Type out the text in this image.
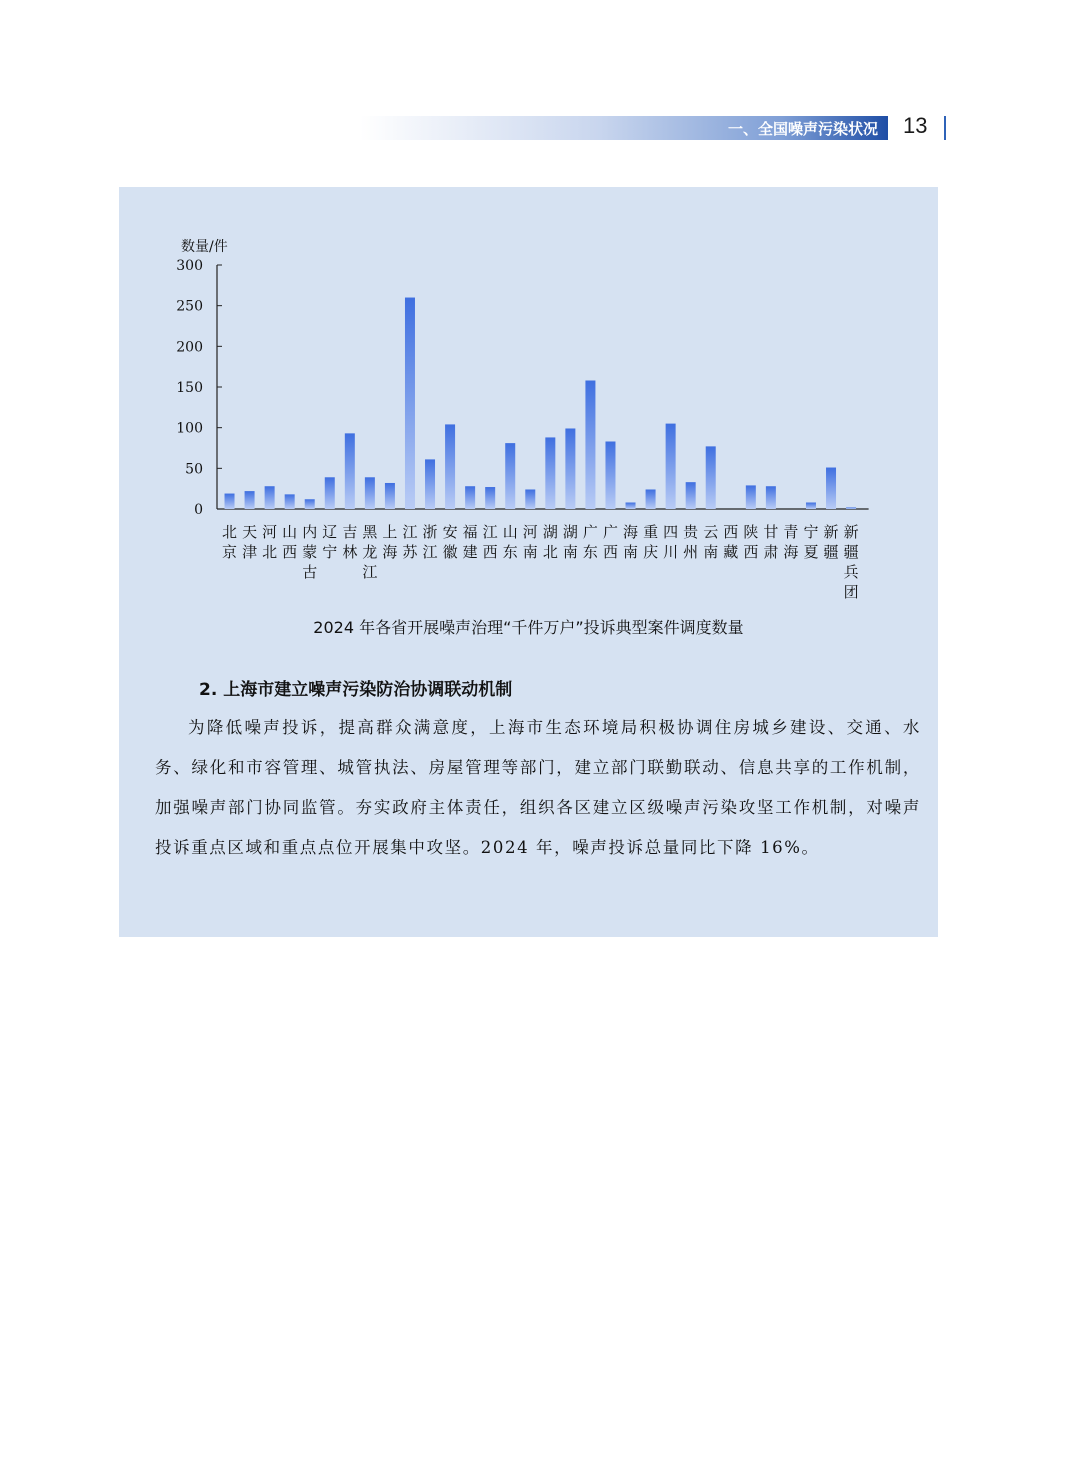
一、全国噪声污染状况 13
数量/件
0
50
100
150
200
250
300
北
京
天
津
河
北
山
西
内
蒙
古
辽
宁
吉
林
黑
龙
江
上
海
江
苏
浙
江
安
徽
福
建
江
西
山
东
河
南
湖
北
湖
南
广
东
广
西
海
南
重
庆
四
川
贵
州
云
南
西
藏
陕
西
甘
肃
青
海
宁
夏
新
疆
新
疆
兵
团
2024 年各省开展噪声治理“千件万户”投诉典型案件调度数量
2. 上海市建立噪声污染防治协调联动机制
为降低噪声投诉，提高群众满意度，上海市生态环境局积极协调住房城乡建设、交通、水务、绿化和市容管理、城管执法、房屋管理等部门，建立部门联勤联动、信息共享的工作机制，加强噪声部门协同监管。夯实政府主体责任，组织各区建立区级噪声污染攻坚工作机制，对噪声投诉重点区域和重点点位开展集中攻坚。2024 年，噪声投诉总量同比下降 16%。
